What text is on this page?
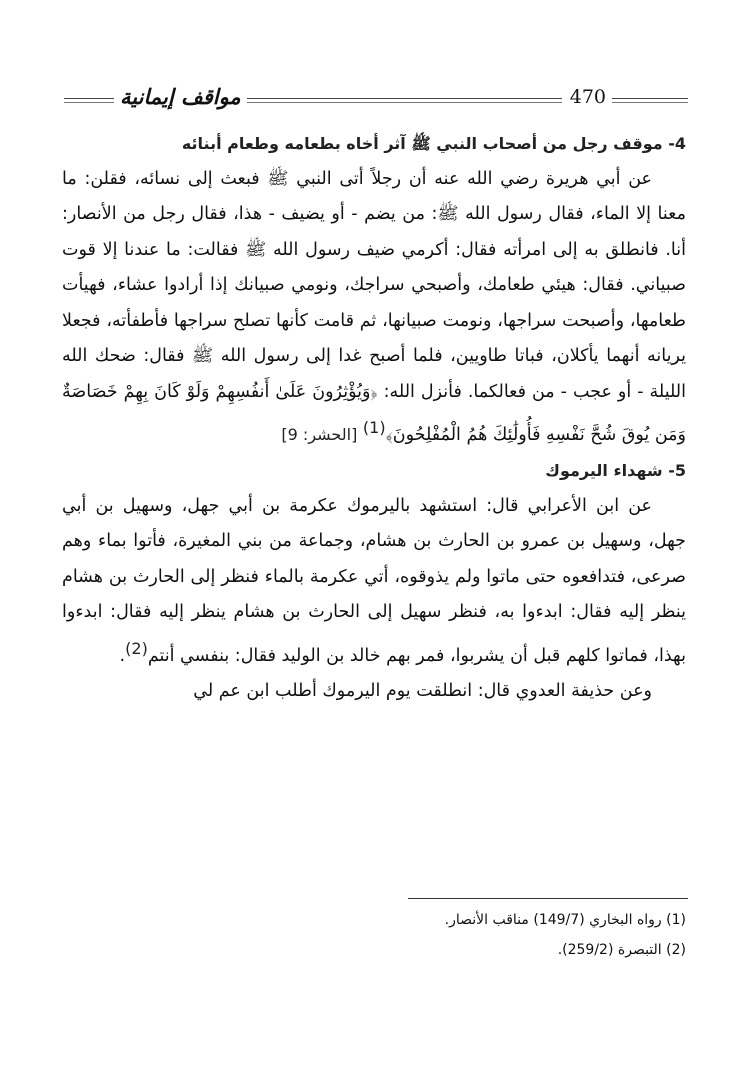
مواقف إيمانية	470

4- موقف رجل من أصحاب النبي ﷺ آثر أخاه بطعامه وطعام أبنائه

عن أبي هريرة رضي الله عنه أن رجلاً أتى النبي ﷺ فبعث إلى نسائه، فقلن: ما معنا إلا الماء، فقال رسول الله ﷺ: من يضم - أو يضيف - هذا، فقال رجل من الأنصار: أنا. فانطلق به إلى امرأته فقال: أكرمي ضيف رسول الله ﷺ فقالت: ما عندنا إلا قوت صبياني. فقال: هيئي طعامك، وأصبحي سراجك، ونومي صبيانك إذا أرادوا عشاء، فهيأت طعامها، وأصبحت سراجها، ونومت صبيانها، ثم قامت كأنها تصلح سراجها فأطفأته، فجعلا يريانه أنهما يأكلان، فباتا طاويين، فلما أصبح غدا إلى رسول الله ﷺ فقال: ضحك الله الليلة - أو عجب - من فعالكما. فأنزل الله: ﴿وَيُؤْثِرُونَ عَلَىٰ أَنفُسِهِمْ وَلَوْ كَانَ بِهِمْ خَصَاصَةٌ وَمَن يُوقَ شُحَّ نَفْسِهِ فَأُولَٰئِكَ هُمُ الْمُفْلِحُونَ﴾$^{(1)}$ [الحشر: 9]

5- شهداء اليرموك

عن ابن الأعرابي قال: استشهد باليرموك عكرمة بن أبي جهل، وسهيل بن أبي جهل، وسهيل بن عمرو بن الحارث بن هشام، وجماعة من بني المغيرة، فأتوا بماء وهم صرعى، فتدافعوه حتى ماتوا ولم يذوقوه، أتي عكرمة بالماء فنظر إلى الحارث بن هشام ينظر إليه فقال: ابدءوا به، فنظر سهيل إلى الحارث بن هشام ينظر إليه فقال: ابدءوا بهذا، فماتوا كلهم قبل أن يشربوا، فمر بهم خالد بن الوليد فقال: بنفسي أنتم$^{(2)}$.

وعن حذيفة العدوي قال: انطلقت يوم اليرموك أطلب ابن عم لي

(1) رواه البخاري (149/7) مناقب الأنصار.

(2) التبصرة (259/2).
